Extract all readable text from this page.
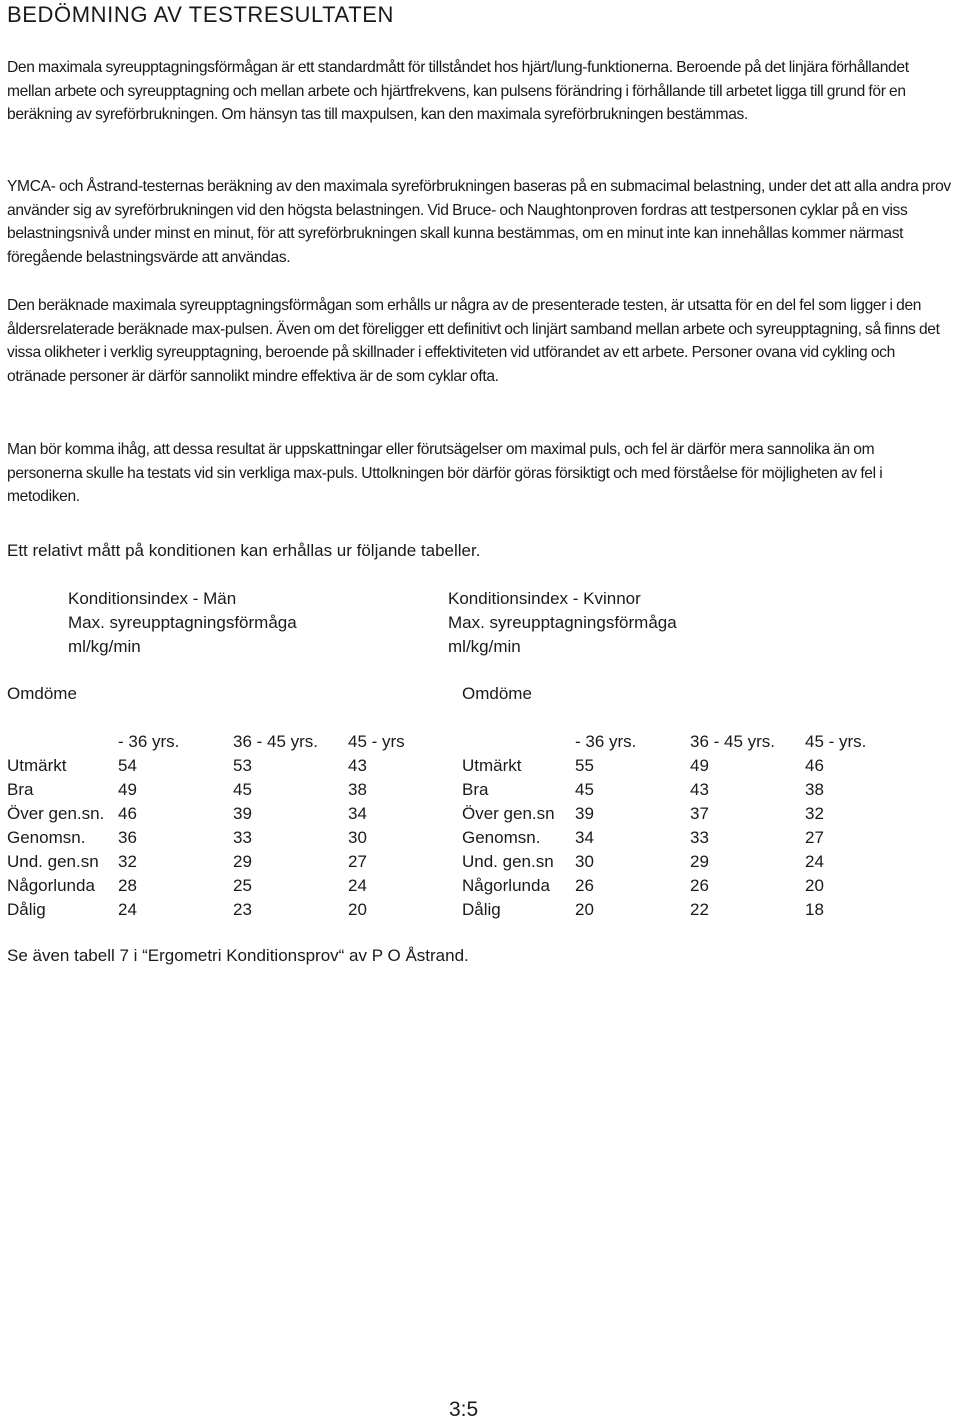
BEDÖMNING AV TESTRESULTATEN

Den maximala syreupptagningsförmågan är ett standardmått för tillståndet hos hjärt/lung-funktionerna. Beroende på det linjära förhållandet mellan arbete och syreupptagning och mellan arbete och hjärtfrekvens, kan pulsens förändring i förhållande till arbetet ligga till grund för en beräkning av syreförbrukningen. Om hänsyn tas till maxpulsen, kan den maximala syreförbrukningen bestämmas.

YMCA- och Åstrand-testernas beräkning av den maximala syreförbrukningen baseras på en submacimal belastning, under det att alla andra prov använder sig av syreförbrukningen vid den högsta belastningen. Vid Bruce- och Naughtonproven fordras att testpersonen cyklar på en viss belastningsnivå under minst en minut, för att syreförbrukningen skall kunna bestämmas, om en minut inte kan innehållas kommer närmast föregående belastningsvärde att användas.

Den beräknade maximala syreupptagningsförmågan som erhålls ur några av de presenterade testen, är utsatta för en del fel som ligger i den åldersrelaterade beräknade max-pulsen. Även om det föreligger ett definitivt och linjärt samband mellan arbete och syreupptagning, så finns det vissa olikheter i verklig syreupptagning, beroende på skillnader i effektiviteten vid utförandet av ett arbete. Personer ovana vid cykling och otränade personer är därför sannolikt mindre effektiva är de som cyklar ofta.

Man bör komma ihåg, att dessa resultat är uppskattningar eller förutsägelser om maximal puls, och fel är därför mera sannolika än om personerna skulle ha testats vid sin verkliga max-puls. Uttolkningen bör därför göras försiktigt och med förståelse för möjligheten av fel i metodiken.

Ett relativt mått på konditionen kan erhållas ur följande tabeller.

Konditionsindex - Män
Max. syreupptagningsförmåga
ml/kg/min
Konditionsindex - Kvinnor
Max. syreupptagningsförmåga
ml/kg/min
Omdöme	Omdöme
	- 36 yrs.	36 - 45 yrs.	45 - yrs
Utmärkt	54	53	43
Bra	49	45	38
Över gen.sn.	46	39	34
Genomsn.	36	33	30
Und. gen.sn	32	29	27
Någorlunda	28	25	24
Dålig	24	23	20
	- 36 yrs.	36 - 45 yrs.	45 - yrs.
Utmärkt	55	49	46
Bra	45	43	38
Över gen.sn	39	37	32
Genomsn.	34	33	27
Und. gen.sn	30	29	24
Någorlunda	26	26	20
Dålig	20	22	18

Se även tabell 7 i “Ergometri Konditionsprov“ av P O Åstrand.

3:5
